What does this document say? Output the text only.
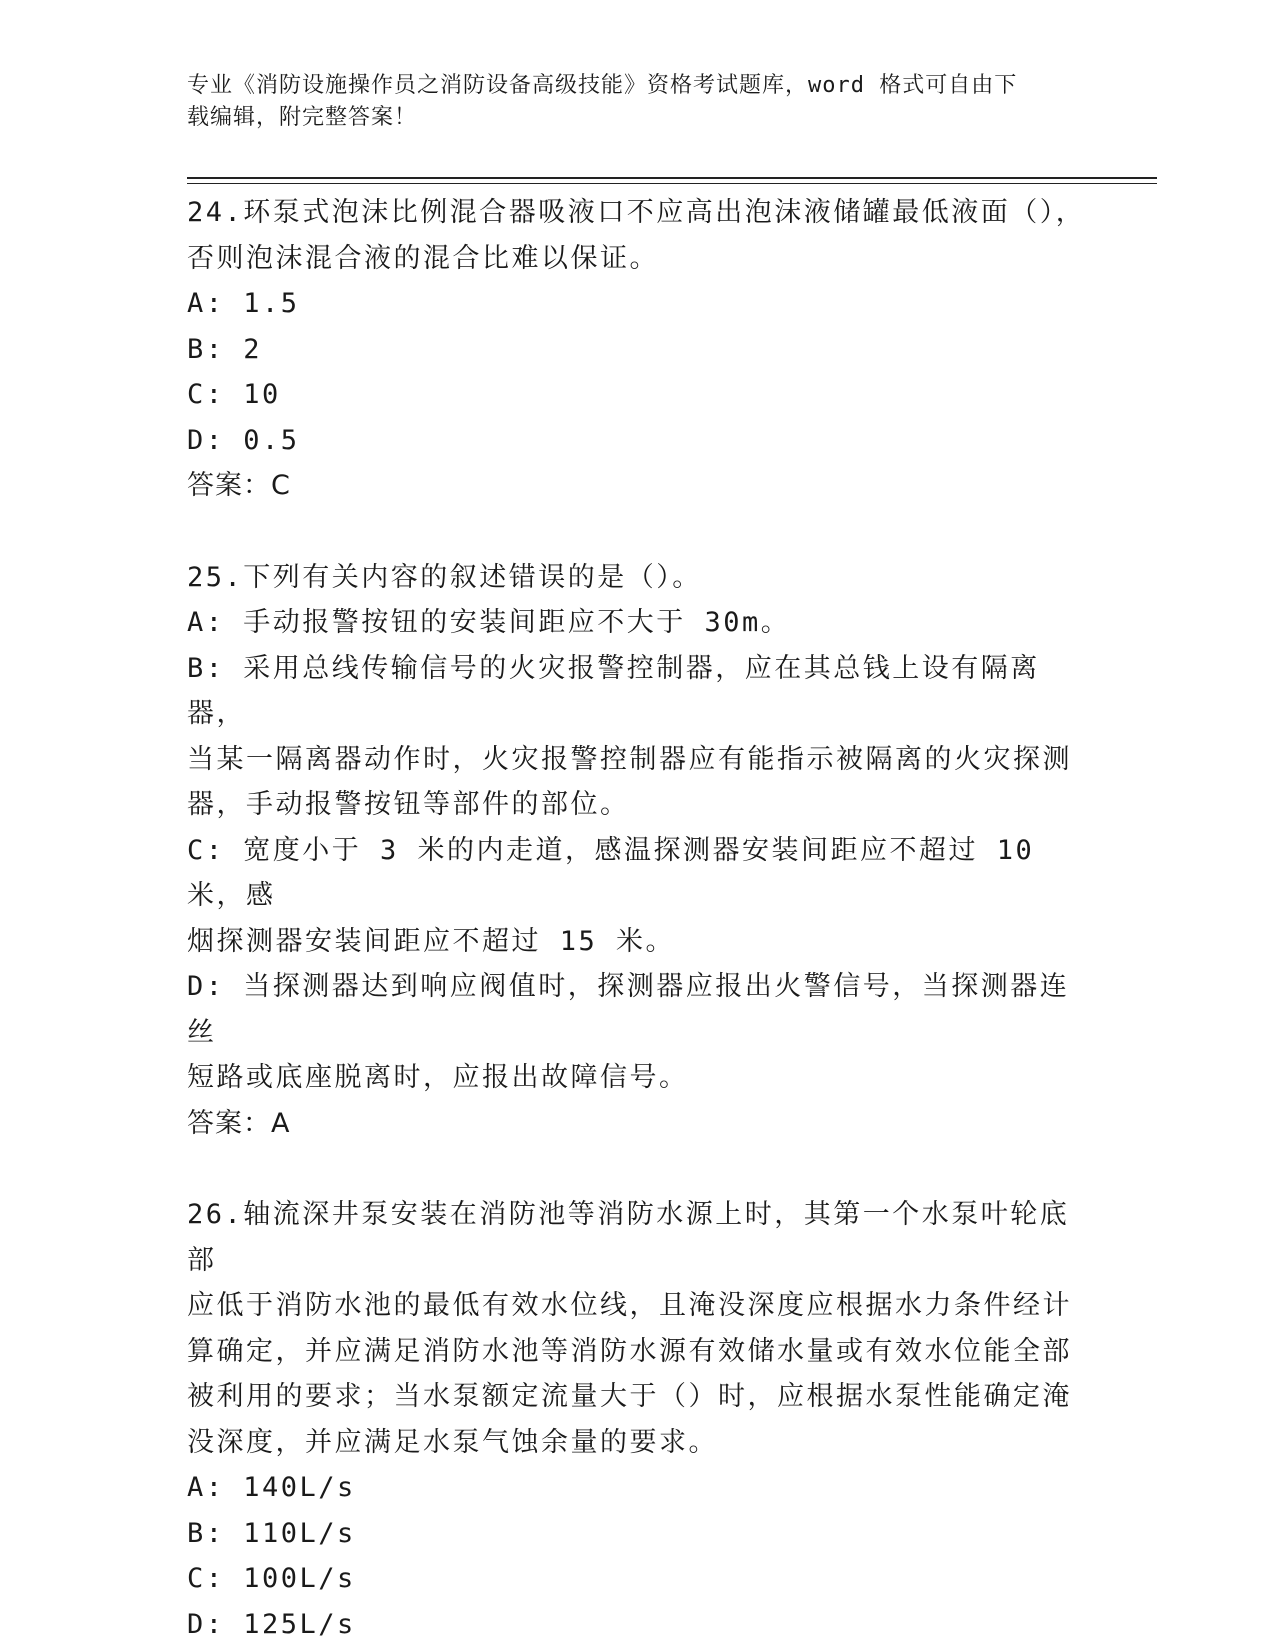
专业《消防设施操作员之消防设备高级技能》资格考试题库，word 格式可自由下
载编辑，附完整答案！
24.环泵式泡沫比例混合器吸液口不应高出泡沫液储罐最低液面（），
否则泡沫混合液的混合比难以保证。
A: 1.5
B: 2
C: 10
D: 0.5
答案：C
25.下列有关内容的叙述错误的是（）。
A: 手动报警按钮的安装间距应不大于 30m。
B: 采用总线传输信号的火灾报警控制器，应在其总钱上设有隔离器，
当某一隔离器动作时，火灾报警控制器应有能指示被隔离的火灾探测
器，手动报警按钮等部件的部位。
C: 宽度小于 3 米的内走道，感温探测器安装间距应不超过 10 米，感
烟探测器安装间距应不超过 15 米。
D: 当探测器达到响应阀值时，探测器应报出火警信号，当探测器连丝
短路或底座脱离时，应报出故障信号。
答案：A
26.轴流深井泵安装在消防池等消防水源上时，其第一个水泵叶轮底部
应低于消防水池的最低有效水位线，且淹没深度应根据水力条件经计
算确定，并应满足消防水池等消防水源有效储水量或有效水位能全部
被利用的要求；当水泵额定流量大于（）时，应根据水泵性能确定淹
没深度，并应满足水泵气蚀余量的要求。
A: 140L/s
B: 110L/s
C: 100L/s
D: 125L/s
